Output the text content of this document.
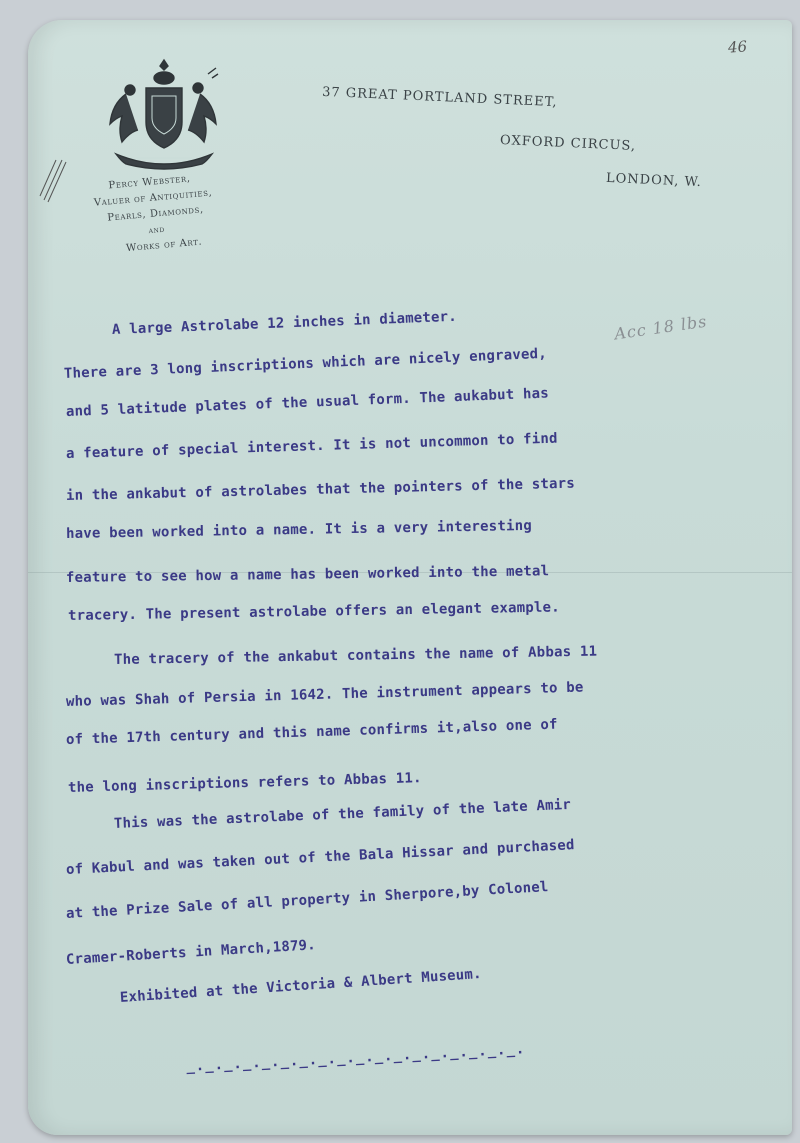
46
Percy Webster,
Valuer of Antiquities,
Pearls, Diamonds,
and
Works of Art.
37 GREAT PORTLAND STREET,
OXFORD CIRCUS,
LONDON, W.
Acc 18 lbs
A large Astrolabe 12 inches in diameter.
There are 3 long inscriptions which are nicely engraved,
and 5 latitude plates of the usual form. The aukabut has
a feature of special interest. It is not uncommon to find
in the ankabut of astrolabes that the pointers of the stars
have been worked into a name. It is a very interesting
feature to see how a name has been worked into the metal
tracery. The present astrolabe offers an elegant example.
The tracery of the ankabut contains the name of Abbas 11
who was Shah of Persia in 1642. The instrument appears to be
of the 17th century and this name confirms it,also one of
the long inscriptions refers to Abbas 11.
This was the astrolabe of the family of the late Amir
of Kabul and was taken out of the Bala Hissar and purchased
at the Prize Sale of all property in Sherpore,by Colonel
Cramer-Roberts in March,1879.
Exhibited at the Victoria & Albert Museum.
_._._._._._._._._._._._._._._._._._.
